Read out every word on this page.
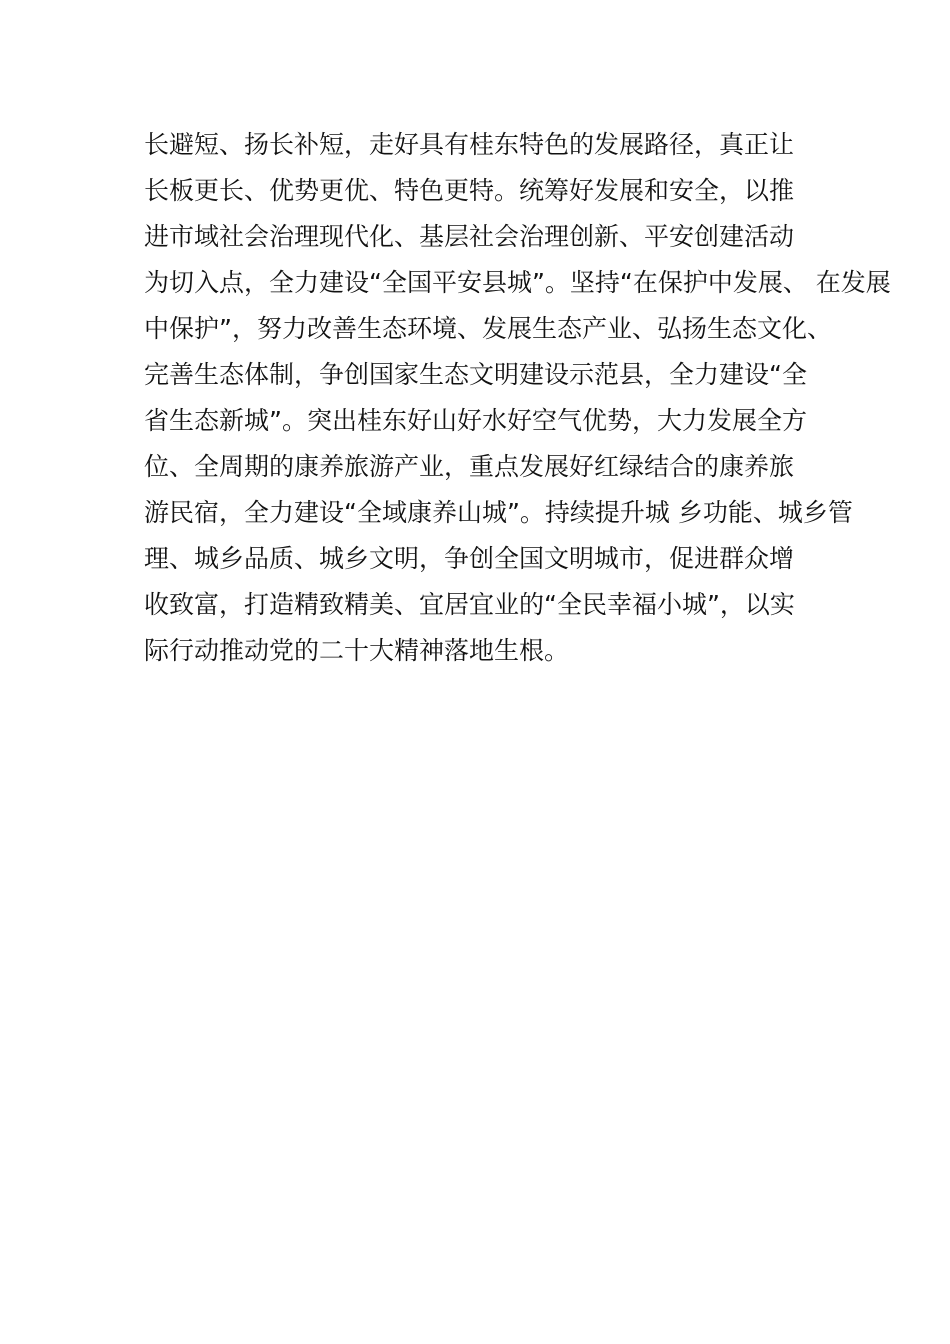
长避短、扬长补短，走好具有桂东特色的发展路径，真正让
长板更长、优势更优、特色更特。统筹好发展和安全，以推
进市域社会治理现代化、基层社会治理创新、平安创建活动
为切入点，全力建设“全国平安县城”。坚持“在保护中发展、 在发展
中保护”，努力改善生态环境、发展生态产业、弘扬生态文化、
完善生态体制，争创国家生态文明建设示范县，全力建设“全
省生态新城”。突出桂东好山好水好空气优势，大力发展全方
位、全周期的康养旅游产业，重点发展好红绿结合的康养旅
游民宿，全力建设“全域康养山城”。持续提升城 乡功能、城乡管
理、城乡品质、城乡文明，争创全国文明城市，促进群众增
收致富，打造精致精美、宜居宜业的“全民幸福小城”，以实
际行动推动党的二十大精神落地生根。
